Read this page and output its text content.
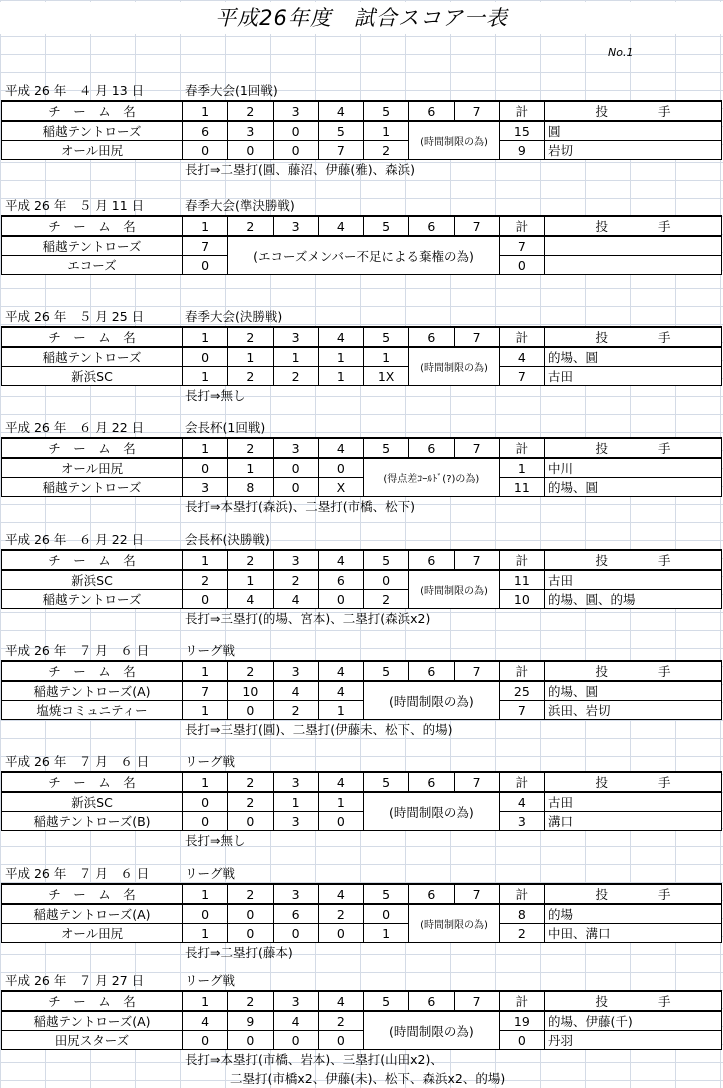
平成26年度　試合スコア一表
No.1
平成 26 年　４ 月 13 日	春季大会(1回戦)
チ　ー　ム　名	1	2	3	4	5	6	7	計	投　　　　手
稲越テントローズ	6	3	0	5	1	(時間制限の為)		15	圓
オール田尻	0	0	0	7	2			9	岩切
長打⇒二塁打(圓、藤沼、伊藤(雅)、森浜)
平成 26 年　５ 月 11 日	春季大会(準決勝戦)
チ　ー　ム　名	1	2	3	4	5	6	7	計	投　　　　手
稲越テントローズ	7	(エコーズメンバー不足による棄権の為)						7	
エコーズ	0							0	
平成 26 年　５ 月 25 日	春季大会(決勝戦)
チ　ー　ム　名	1	2	3	4	5	6	7	計	投　　　　手
稲越テントローズ	0	1	1	1	1	(時間制限の為)		4	的場、圓
新浜SC	1	2	2	1	1X			7	古田
長打⇒無し
平成 26 年　６ 月 22 日	会長杯(1回戦)
チ　ー　ム　名	1	2	3	4	5	6	7	計	投　　　　手
オール田尻	0	1	0	0	(得点差ｺｰﾙﾄﾞ(?)の為)			1	中川
稲越テントローズ	3	8	0	X				11	的場、圓
長打⇒本塁打(森浜)、二塁打(市橋、松下)
平成 26 年　６ 月 22 日	会長杯(決勝戦)
チ　ー　ム　名	1	2	3	4	5	6	7	計	投　　　　手
新浜SC	2	1	2	6	0	(時間制限の為)		11	古田
稲越テントローズ	0	4	4	0	2			10	的場、圓、的場
長打⇒三塁打(的場、宮本)、二塁打(森浜x2)
平成 26 年　７ 月　６ 日	リーグ戦
チ　ー　ム　名	1	2	3	4	5	6	7	計	投　　　　手
稲越テントローズ(A)	7	10	4	4	(時間制限の為)			25	的場、圓
塩焼コミュニティー	1	0	2	1				7	浜田、岩切
長打⇒三塁打(圓)、二塁打(伊藤未、松下、的場)
平成 26 年　７ 月　６ 日	リーグ戦
チ　ー　ム　名	1	2	3	4	5	6	7	計	投　　　　手
新浜SC	0	2	1	1	(時間制限の為)			4	古田
稲越テントローズ(B)	0	0	3	0				3	溝口
長打⇒無し
平成 26 年　７ 月　６ 日	リーグ戦
チ　ー　ム　名	1	2	3	4	5	6	7	計	投　　　　手
稲越テントローズ(A)	0	0	6	2	0	(時間制限の為)		8	的場
オール田尻	1	0	0	0	1			2	中田、溝口
長打⇒二塁打(藤本)
平成 26 年　７ 月 27 日	リーグ戦
チ　ー　ム　名	1	2	3	4	5	6	7	計	投　　　　手
稲越テントローズ(A)	4	9	4	2	(時間制限の為)			19	的場、伊藤(千)
田尻スターズ	0	0	0	0				0	丹羽
長打⇒本塁打(市橋、岩本)、三塁打(山田x2)、
二塁打(市橋x2、伊藤(未)、松下、森浜x2、的場)
